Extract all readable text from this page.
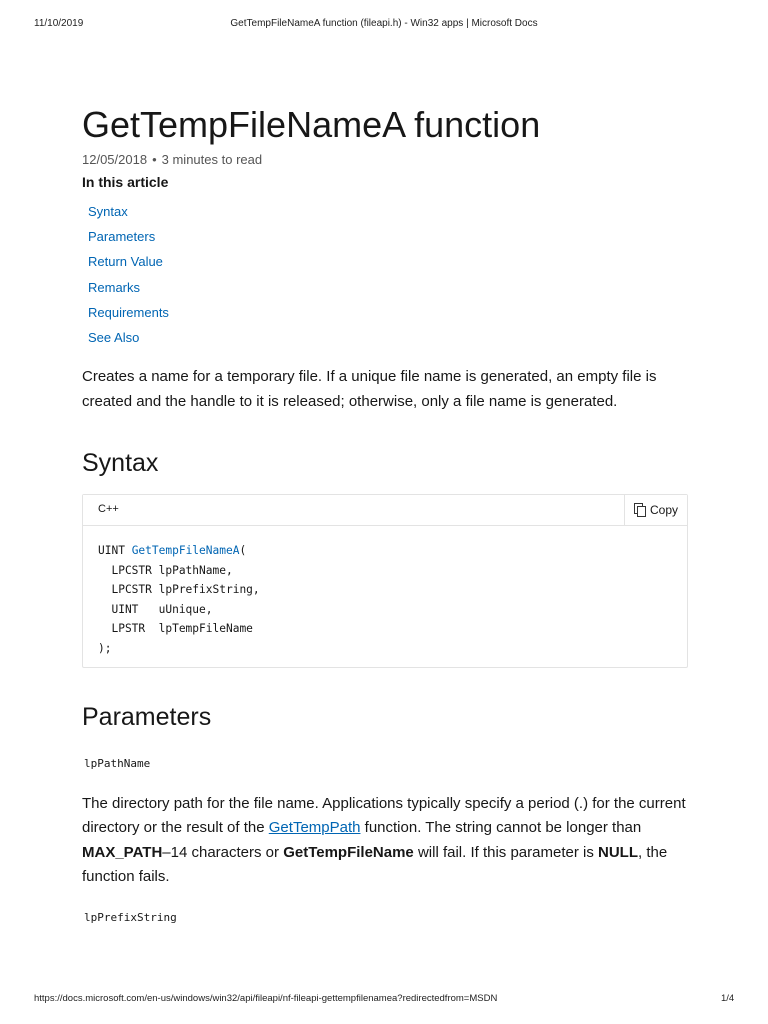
11/10/2019	GetTempFileNameA function (fileapi.h) - Win32 apps | Microsoft Docs
GetTempFileNameA function
12/05/2018 • 3 minutes to read
In this article
Syntax
Parameters
Return Value
Remarks
Requirements
See Also

Creates a name for a temporary file. If a unique file name is generated, an empty file is created and the handle to it is released; otherwise, only a file name is generated.

Syntax
C++	Copy
UINT GetTempFileNameA(
LPCSTR lpPathName,
LPCSTR lpPrefixString,
UINT   uUnique,
LPSTR  lpTempFileName
);
Parameters
lpPathName

The directory path for the file name. Applications typically specify a period (.) for the current directory or the result of the GetTempPath function. The string cannot be longer than MAX_PATH–14 characters or GetTempFileName will fail. If this parameter is NULL, the function fails.

lpPrefixString
https://docs.microsoft.com/en-us/windows/win32/api/fileapi/nf-fileapi-gettempfilenamea?redirectedfrom=MSDN	1/4
